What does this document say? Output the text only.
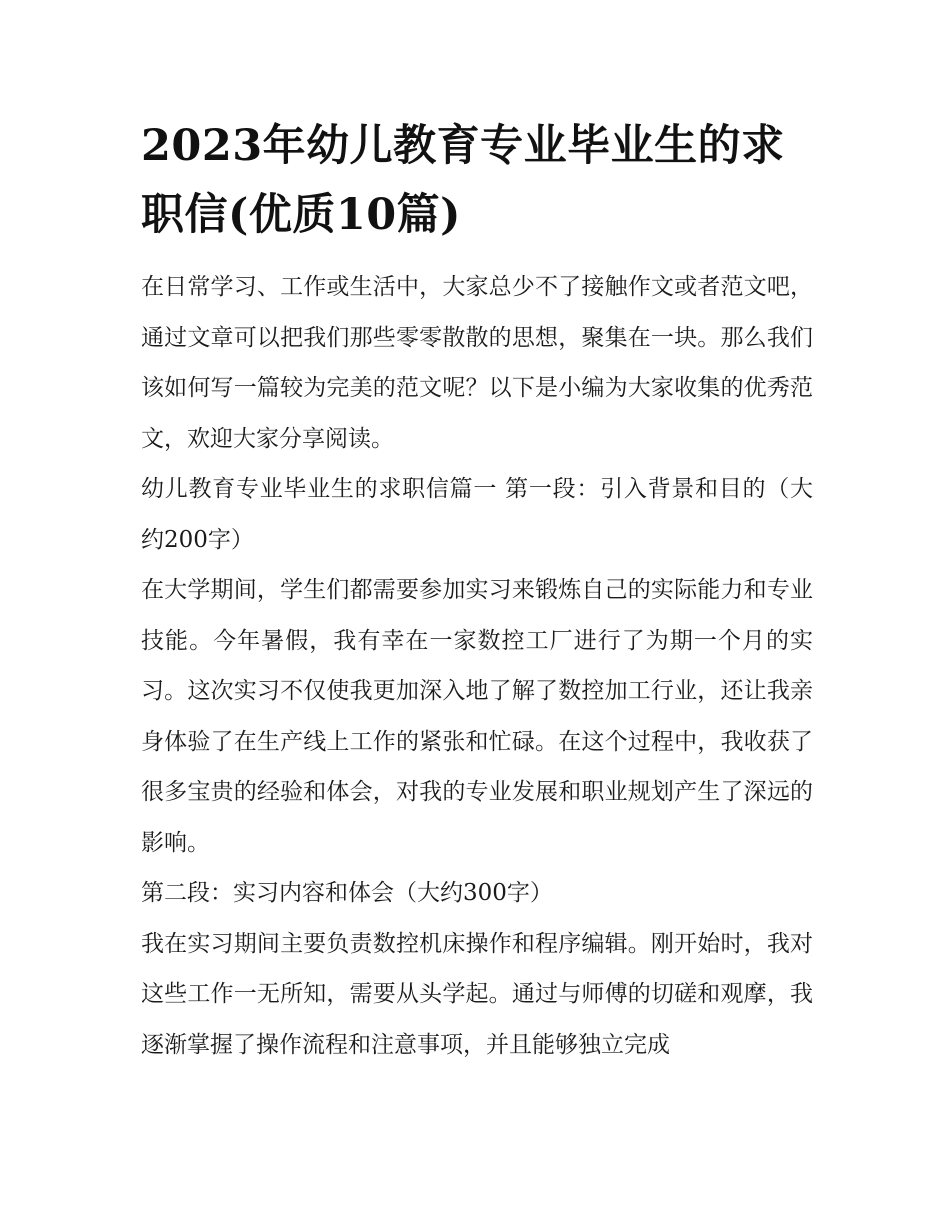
2023年幼儿教育专业毕业生的求职信(优质10篇)

在日常学习、工作或生活中，大家总少不了接触作文或者范文吧，通过文章可以把我们那些零零散散的思想，聚集在一块。那么我们该如何写一篇较为完美的范文呢？以下是小编为大家收集的优秀范文，欢迎大家分享阅读。

幼儿教育专业毕业生的求职信篇一 第一段：引入背景和目的（大约200字）

在大学期间，学生们都需要参加实习来锻炼自己的实际能力和专业技能。今年暑假，我有幸在一家数控工厂进行了为期一个月的实习。这次实习不仅使我更加深入地了解了数控加工行业，还让我亲身体验了在生产线上工作的紧张和忙碌。在这个过程中，我收获了很多宝贵的经验和体会，对我的专业发展和职业规划产生了深远的影响。

第二段：实习内容和体会（大约300字）

我在实习期间主要负责数控机床操作和程序编辑。刚开始时，我对这些工作一无所知，需要从头学起。通过与师傅的切磋和观摩，我逐渐掌握了操作流程和注意事项，并且能够独立完成
